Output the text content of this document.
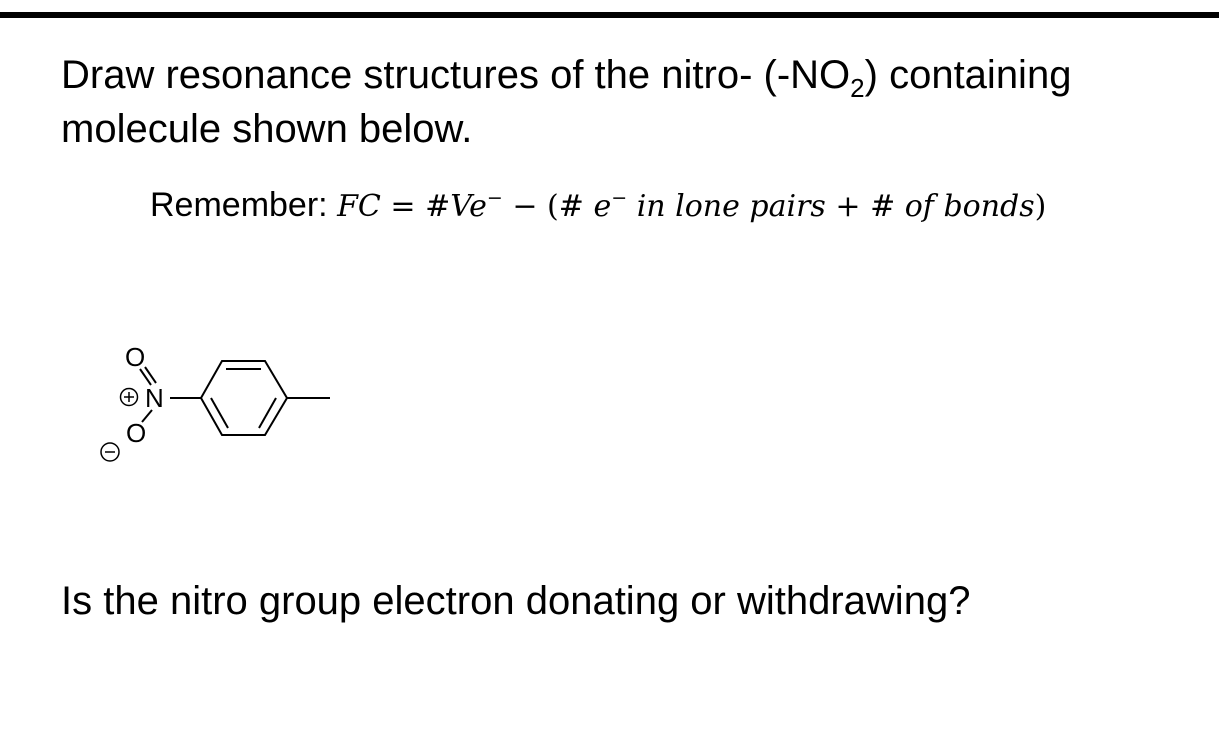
Draw resonance structures of the nitro- $(-NO_2)$ containing molecule shown below.
Remember: FC = #Ve− − (# e− in lone pairs + # of bonds)
O
N
O
Is the nitro group electron donating or withdrawing?
